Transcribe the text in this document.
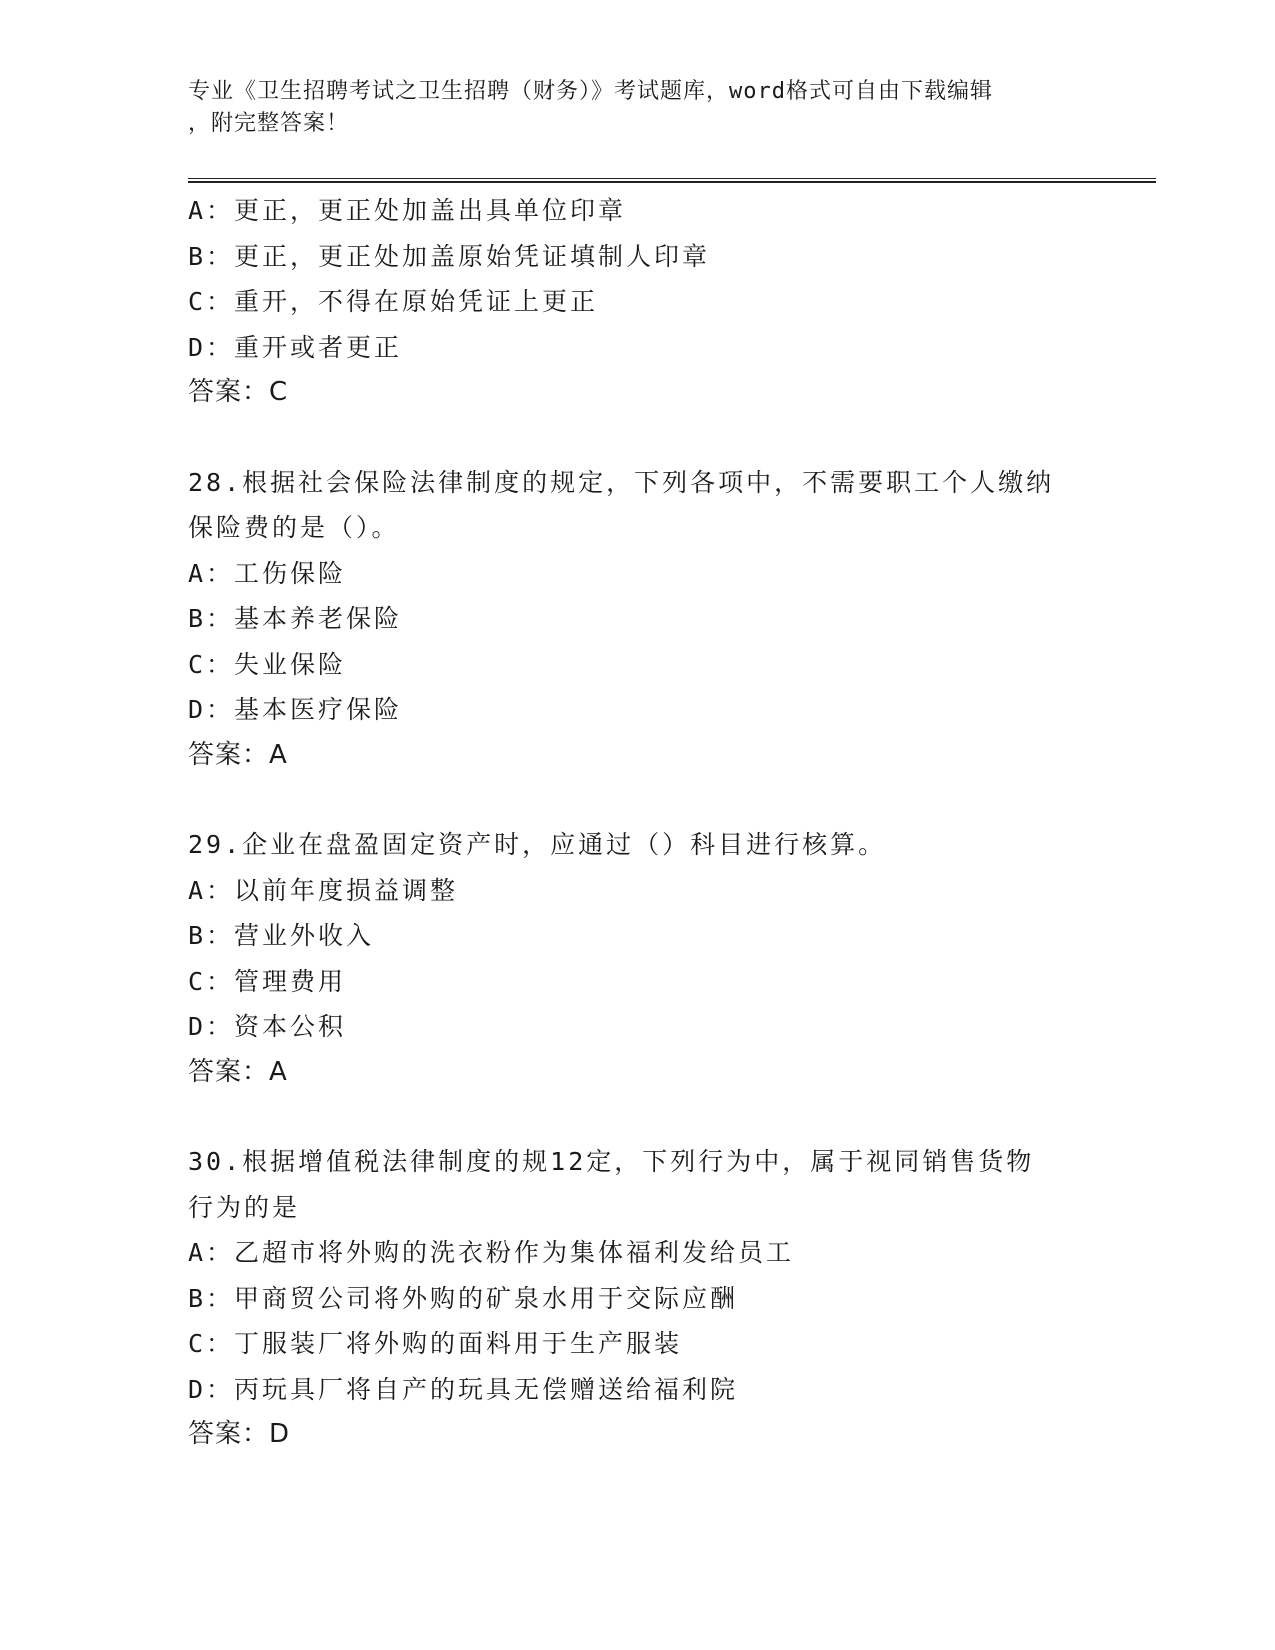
专业《卫生招聘考试之卫生招聘（财务）》考试题库，word格式可自由下载编辑
，附完整答案！
A：更正，更正处加盖出具单位印章
B：更正，更正处加盖原始凭证填制人印章
C：重开，不得在原始凭证上更正
D：重开或者更正
答案：C
28.根据社会保险法律制度的规定，下列各项中，不需要职工个人缴纳
保险费的是（）。
A：工伤保险
B：基本养老保险
C：失业保险
D：基本医疗保险
答案：A
29.企业在盘盈固定资产时，应通过（）科目进行核算。
A：以前年度损益调整
B：营业外收入
C：管理费用
D：资本公积
答案：A
30.根据增值税法律制度的规12定，下列行为中，属于视同销售货物
行为的是
A：乙超市将外购的洗衣粉作为集体福利发给员工
B：甲商贸公司将外购的矿泉水用于交际应酬
C：丁服装厂将外购的面料用于生产服装
D：丙玩具厂将自产的玩具无偿赠送给福利院
答案：D
